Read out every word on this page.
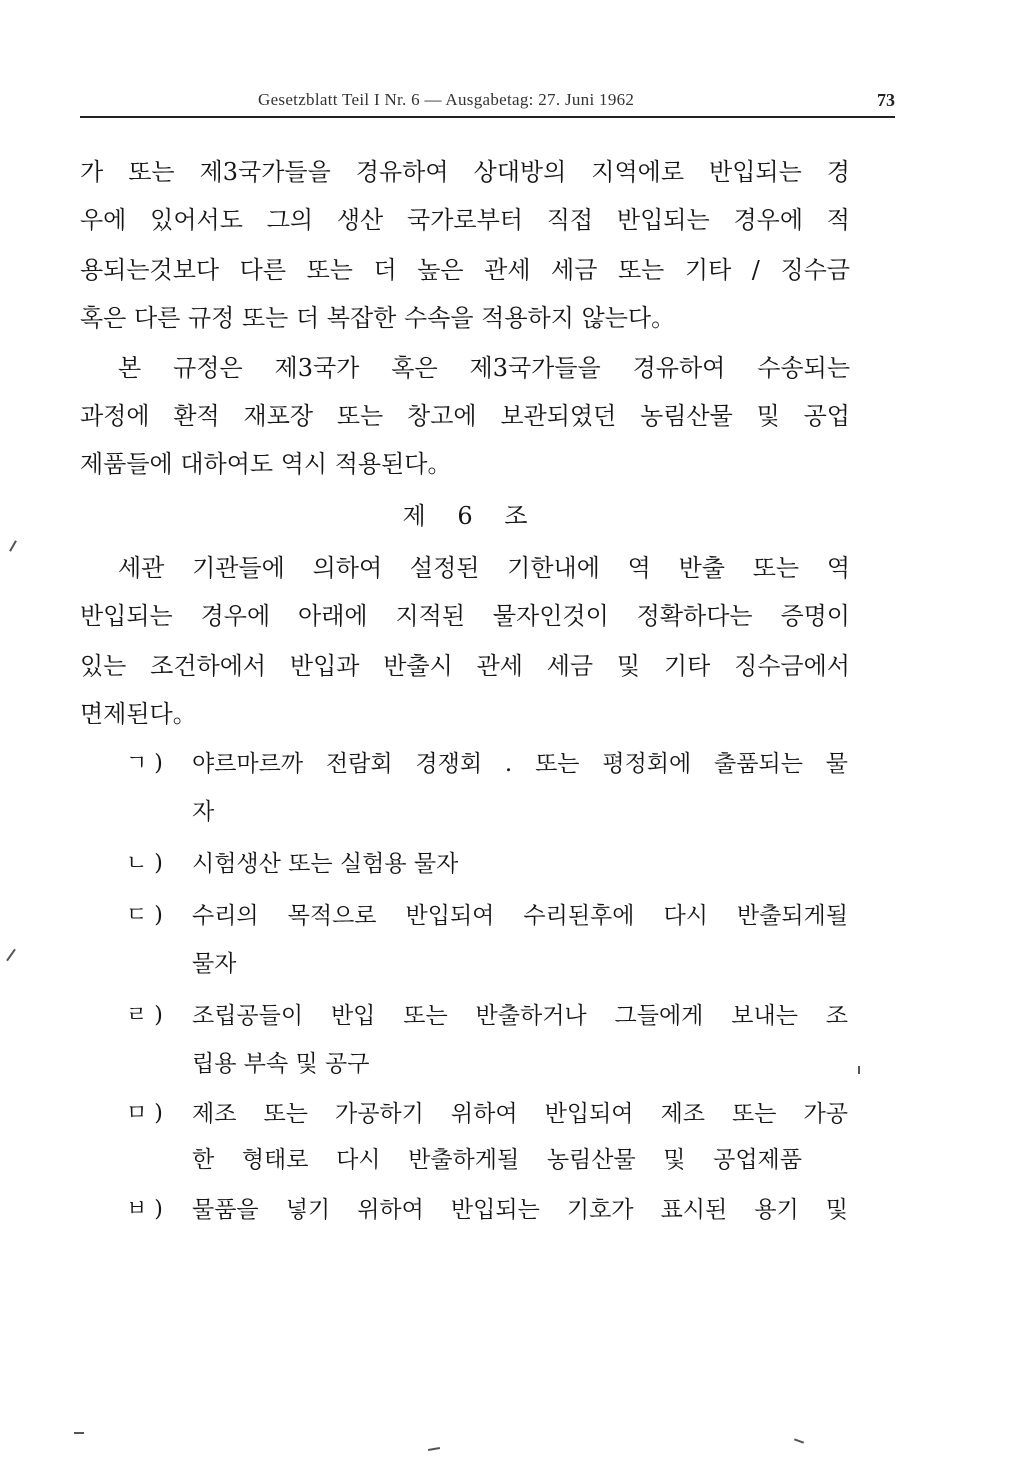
Gesetzblatt Teil I Nr. 6 — Ausgabetag: 27. Juni 1962	73
가 또는 제3국가들을 경유하여 상대방의 지역에로 반입되는 경
우에 있어서도 그의 생산 국가로부터 직접 반입되는 경우에 적
용되는것보다 다른 또는 더 높은 관세 세금 또는 기타 / 징수금
혹은 다른 규정 또는 더 복잡한 수속을 적용하지 않는다。
본 규정은 제3국가 혹은 제3국가들을 경유하여 수송되는
과정에 환적 재포장 또는 창고에 보관되였던 농림산물 및 공업
제품들에 대하여도 역시 적용된다。
제 6 조
세관 기관들에 의하여 설정된 기한내에 역 반출 또는 역
반입되는 경우에 아래에 지적된 물자인것이 정확하다는 증명이
있는 조건하에서 반입과 반출시 관세 세금 및 기타 징수금에서
면제된다。
ㄱ )	야르마르까 전람회 경쟁회 . 또는 평정회에 출품되는 물
자
ㄴ )	시험생산 또는 실험용 물자
ㄷ )	수리의 목적으로 반입되여 수리된후에 다시 반출되게될
물자
ㄹ )	조립공들이 반입 또는 반출하거나 그들에게 보내는 조
립용 부속 및 공구
ㅁ )	제조 또는 가공하기 위하여 반입되여 제조 또는 가공
한 형태로 다시 반출하게될 농림산물 및 공업제품
ㅂ )	물품을 넣기 위하여 반입되는 기호가 표시된 용기 및
